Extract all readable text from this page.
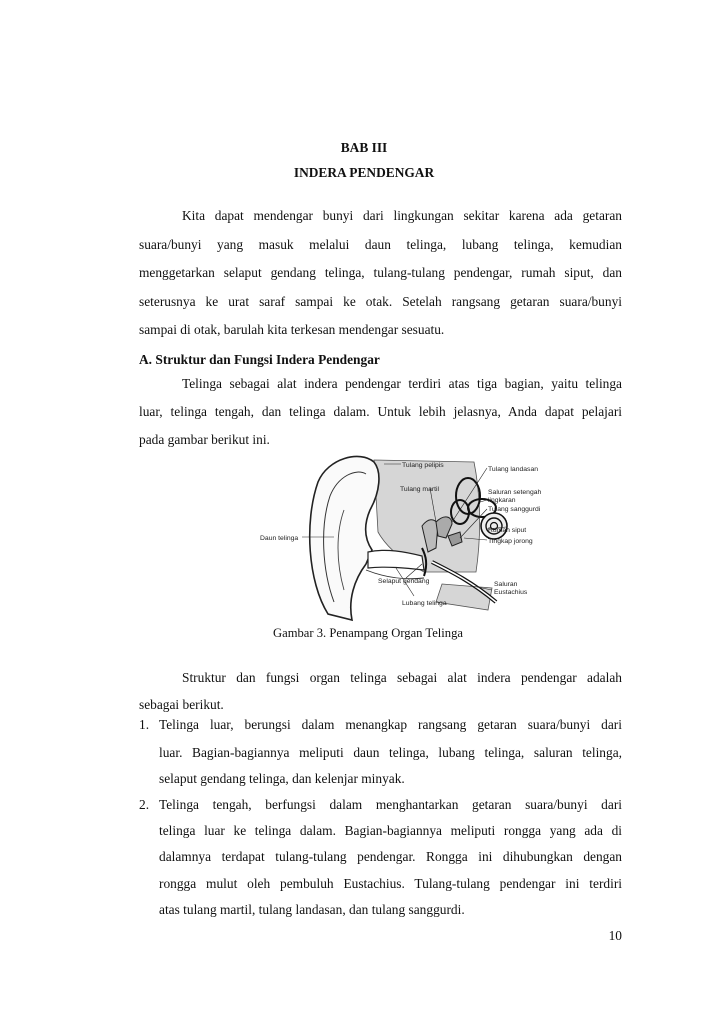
BAB III
INDERA PENDENGAR
Kita dapat mendengar bunyi dari lingkungan sekitar karena ada getaran
suara/bunyi yang masuk melalui daun telinga, lubang telinga, kemudian
menggetarkan selaput gendang telinga, tulang-tulang pendengar, rumah siput, dan
seterusnya ke urat saraf sampai ke otak. Setelah rangsang getaran suara/bunyi
sampai di otak, barulah kita terkesan mendengar sesuatu.
A. Struktur dan Fungsi Indera Pendengar
Telinga sebagai alat indera pendengar terdiri atas tiga bagian, yaitu telinga
luar, telinga tengah, dan telinga dalam. Untuk lebih jelasnya, Anda dapat pelajari
pada gambar berikut ini.
Tulang pelipis
Tulang martil
Tulang landasan
Saluran setengah
lingkaran
Tulang sanggurdi
Rumah siput
Tingkap jorong
Daun telinga
Selaput gendang
Lubang telinga
Saluran
Eustachius
Gambar 3. Penampang Organ Telinga
Struktur dan fungsi organ telinga sebagai alat indera pendengar adalah
sebagai berikut.
1. Telinga luar, berungsi dalam menangkap rangsang getaran suara/bunyi dari
luar. Bagian-bagiannya meliputi daun telinga, lubang telinga, saluran telinga,
selaput gendang telinga, dan kelenjar minyak.
2. Telinga tengah, berfungsi dalam menghantarkan getaran suara/bunyi dari
telinga luar ke telinga dalam. Bagian-bagiannya meliputi rongga yang ada di
dalamnya terdapat tulang-tulang pendengar. Rongga ini dihubungkan dengan
rongga mulut oleh pembuluh Eustachius. Tulang-tulang pendengar ini terdiri
atas tulang martil, tulang landasan, dan tulang sanggurdi.
10
